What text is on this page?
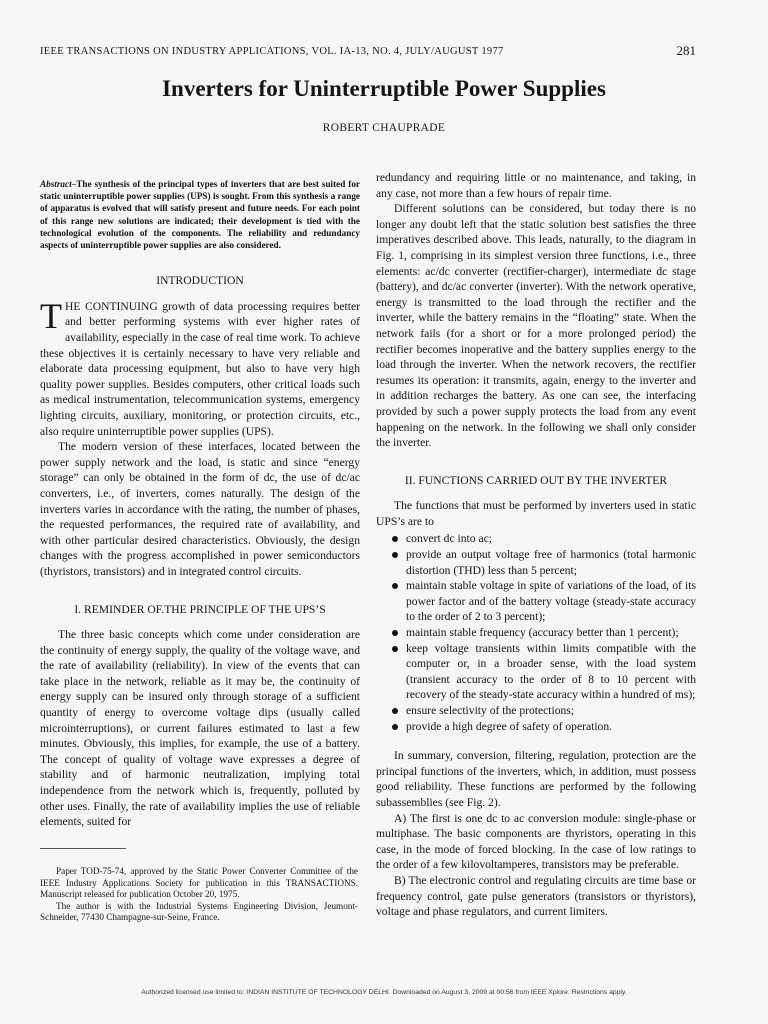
IEEE TRANSACTIONS ON INDUSTRY APPLICATIONS, VOL. IA-13, NO. 4, JULY/AUGUST 1977	281
Inverters for Uninterruptible Power Supplies
ROBERT CHAUPRADE
Abstract–The synthesis of the principal types of inverters that are best suited for static uninterruptible power supplies (UPS) is sought. From this synthesis a range of apparatus is evolved that will satisfy present and future needs. For each point of this range new solutions are indicated; their development is tied with the technological evolution of the components. The reliability and redundancy aspects of uninterruptible power supplies are also considered.
INTRODUCTION

THE CONTINUING growth of data processing requires better and better performing systems with ever higher rates of availability, especially in the case of real time work. To achieve these objectives it is certainly necessary to have very reliable and elaborate data processing equipment, but also to have very high quality power supplies. Besides computers, other critical loads such as medical instrumentation, telecommunication systems, emergency lighting circuits, auxiliary, monitoring, or protection circuits, etc., also require uninterruptible power supplies (UPS).

The modern version of these interfaces, located between the power supply network and the load, is static and since “energy storage” can only be obtained in the form of dc, the use of dc/ac converters, i.e., of inverters, comes naturally. The design of the inverters varies in accordance with the rating, the number of phases, the requested performances, the required rate of availability, and with other particular desired characteristics. Obviously, the design changes with the progress accomplished in power semiconductors (thyristors, transistors) and in integrated control circuits.

I. REMINDER OF.THE PRINCIPLE OF THE UPS’S

The three basic concepts which come under consideration are the continuity of energy supply, the quality of the voltage wave, and the rate of availability (reliability). In view of the events that can take place in the network, reliable as it may be, the continuity of energy supply can be insured only through storage of a sufficient quantity of energy to overcome voltage dips (usually called microinterruptions), or current failures estimated to last a few minutes. Obviously, this implies, for example, the use of a battery. The concept of quality of voltage wave expresses a degree of stability and of harmonic neutralization, implying total independence from the network which is, frequently, polluted by other uses. Finally, the rate of availability implies the use of reliable elements, suited for

Paper TOD-75-74, approved by the Static Power Converter Committee of the IEEE Industry Applications Society for publication in this TRANSACTIONS. Manuscript released for publication October 20, 1975.

The author is with the Industrial Systems Engineering Division, Jeumont-Schneider, 77430 Champagne-sur-Seine, France.

redundancy and requiring little or no maintenance, and taking, in any case, not more than a few hours of repair time.

Different solutions can be considered, but today there is no longer any doubt left that the static solution best satisfies the three imperatives described above. This leads, naturally, to the diagram in Fig. 1, comprising in its simplest version three functions, i.e., three elements: ac/dc converter (rectifier-charger), intermediate dc stage (battery), and dc/ac converter (inverter). With the network operative, energy is transmitted to the load through the rectifier and the inverter, while the battery remains in the “floating” state. When the network fails (for a short or for a more prolonged period) the rectifier becomes inoperative and the battery supplies energy to the load through the inverter. When the network recovers, the rectifier resumes its operation: it transmits, again, energy to the inverter and in addition recharges the battery. As one can see, the interfacing provided by such a power supply protects the load from any event happening on the network. In the following we shall only consider the inverter.

II. FUNCTIONS CARRIED OUT BY THE INVERTER

The functions that must be performed by inverters used in static UPS’s are to

convert dc into ac;
provide an output voltage free of harmonics (total harmonic distortion (THD) less than 5 percent;
maintain stable voltage in spite of variations of the load, of its power factor and of the battery voltage (steady-state accuracy to the order of 2 to 3 percent);
maintain stable frequency (accuracy better than 1 percent);
keep voltage transients within limits compatible with the computer or, in a broader sense, with the load system (transient accuracy to the order of 8 to 10 percent with recovery of the steady-state accuracy within a hundred of ms);
ensure selectivity of the protections;
provide a high degree of safety of operation.

In summary, conversion, filtering, regulation, protection are the principal functions of the inverters, which, in addition, must possess good reliability. These functions are performed by the following subassemblies (see Fig. 2).

A) The first is one dc to ac conversion module: single-phase or multiphase. The basic components are thyristors, operating in this case, in the mode of forced blocking. In the case of low ratings to the order of a few kilovoltamperes, transistors may be preferable.

B) The electronic control and regulating circuits are time base or frequency control, gate pulse generators (transistors or thyristors), voltage and phase regulators, and current limiters.

Authorized licensed use limited to: INDIAN INSTITUTE OF TECHNOLOGY DELHI. Downloaded on August 3, 2009 at 00:56 from IEEE Xplore. Restrictions apply.
